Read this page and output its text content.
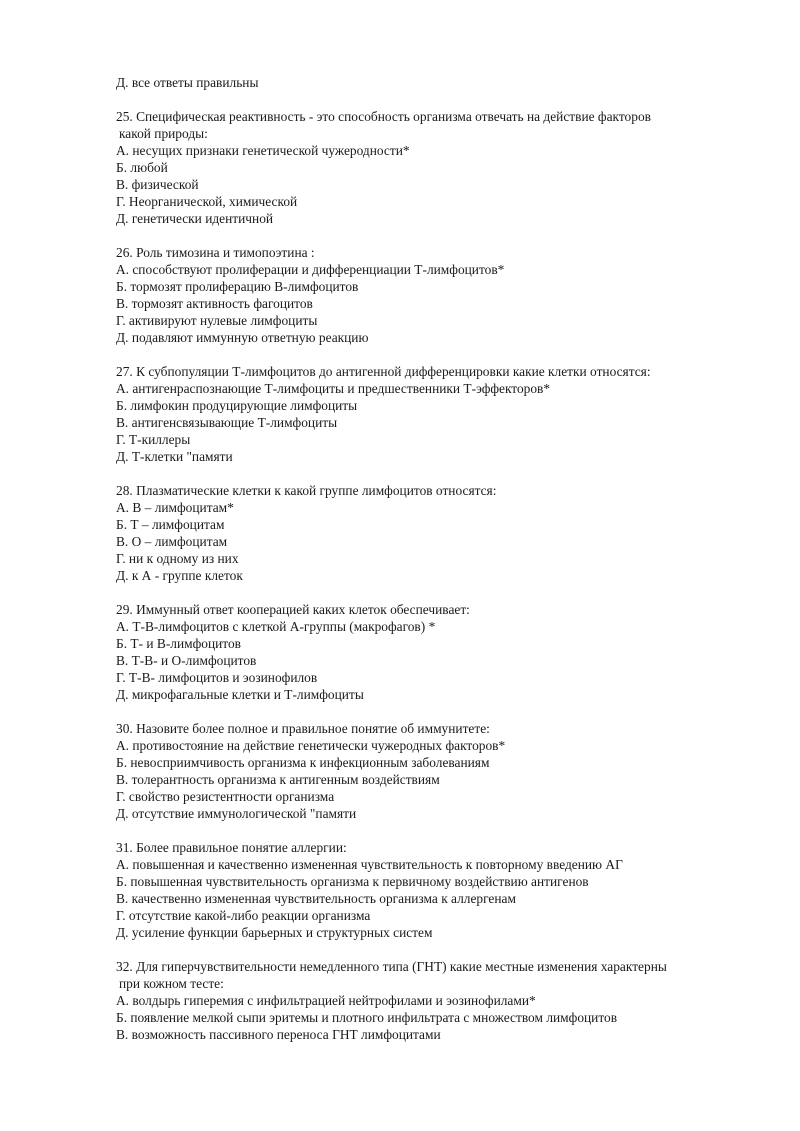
Д. все ответы правильны

25. Специфическая реактивность - это способность организма отвечать на действие факторов

какой природы:

А. несущих признаки генетической чужеродности*

Б. любой

В. физической

Г. Неорганической, химической

Д. генетически идентичной

26. Роль тимозина и тимопоэтина :

А. способствуют пролиферации и дифференциации Т-лимфоцитов*

Б. тормозят пролиферацию В-лимфоцитов

В. тормозят активность фагоцитов

Г. активируют нулевые лимфоциты

Д. подавляют иммунную ответную реакцию

27. К субпопуляции Т-лимфоцитов до антигенной дифференцировки какие клетки относятся:

А. антигенраспознающие Т-лимфоциты и предшественники Т-эффекторов*

Б. лимфокин продуцирующие лимфоциты

В. антигенсвязывающие Т-лимфоциты

Г. Т-киллеры

Д. Т-клетки "памяти

28. Плазматические клетки к какой группе лимфоцитов относятся:

А. В – лимфоцитам*

Б. Т – лимфоцитам

В. О – лимфоцитам

Г. ни к одному из них

Д. к А - группе клеток

29. Иммунный ответ кооперацией каких клеток обеспечивает:

А. Т-В-лимфоцитов с клеткой А-группы (макрофагов) *

Б. Т- и В-лимфоцитов

В. Т-В- и О-лимфоцитов

Г. Т-В- лимфоцитов и эозинофилов

Д. микрофагальные клетки и Т-лимфоциты

30. Назовите более полное и правильное понятие об иммунитете:

А. противостояние на действие генетически чужеродных факторов*

Б. невосприимчивость организма к инфекционным заболеваниям

В. толерантность организма к антигенным воздействиям

Г. свойство резистентности организма

Д. отсутствие иммунологической "памяти

31. Более правильное понятие аллергии:

А. повышенная и качественно измененная чувствительность к повторному введению АГ

Б. повышенная чувствительность организма к первичному воздействию антигенов

В. качественно измененная чувствительность организма к аллергенам

Г. отсутствие какой-либо реакции организма

Д. усиление функции барьерных и структурных систем

32. Для гиперчувствительности немедленного типа (ГНТ) какие местные изменения характерны

при кожном тесте:

А. волдырь гиперемия с инфильтрацией нейтрофилами и эозинофилами*

Б. появление мелкой сыпи эритемы и плотного инфильтрата с множеством лимфоцитов

В. возможность пассивного переноса ГНТ лимфоцитами
